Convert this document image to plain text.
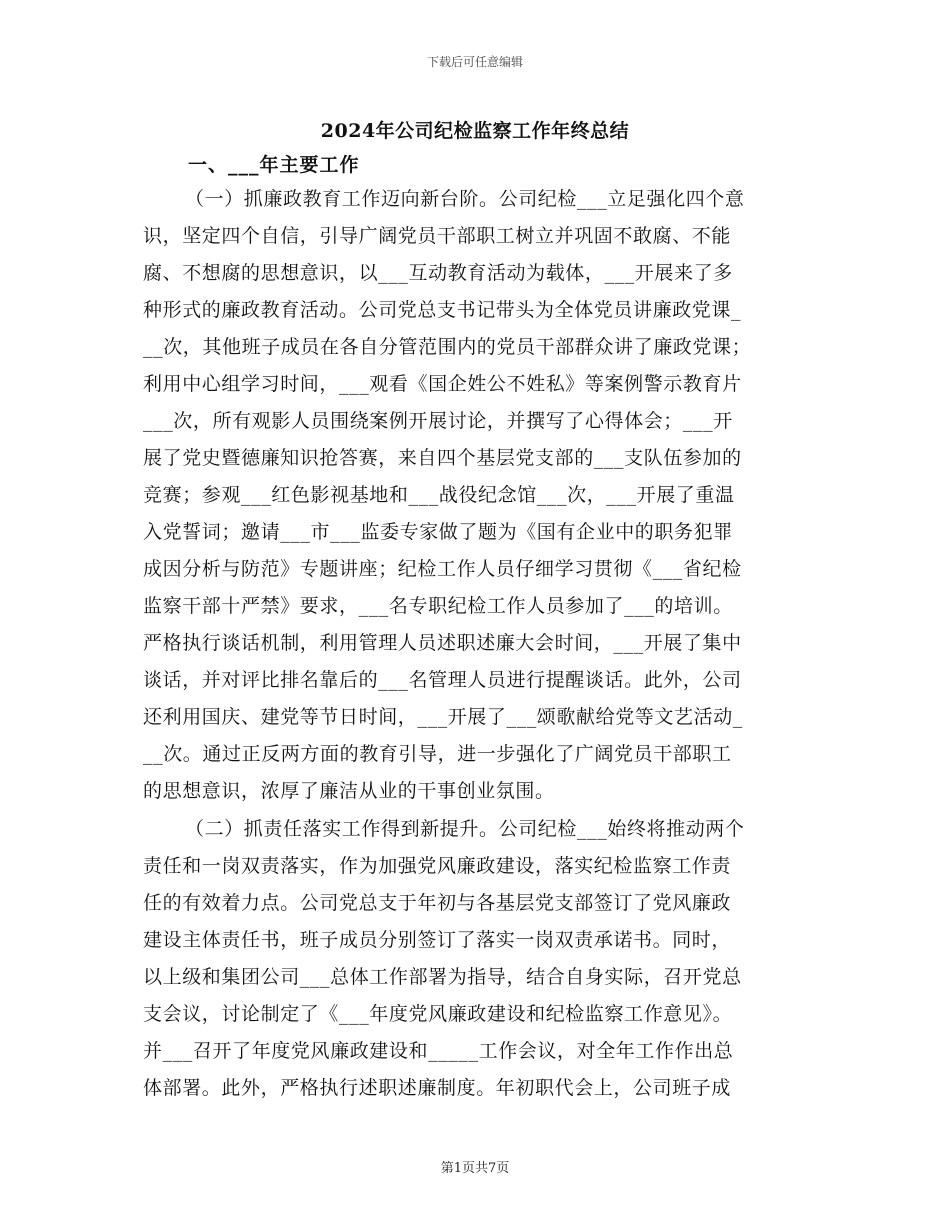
下载后可任意编辑
2024年公司纪检监察工作年终总结
一、___年主要工作
（一）抓廉政教育工作迈向新台阶。公司纪检___立足强化四个意
识，坚定四个自信，引导广阔党员干部职工树立并巩固不敢腐、不能
腐、不想腐的思想意识，以___互动教育活动为载体，___开展来了多
种形式的廉政教育活动。公司党总支书记带头为全体党员讲廉政党课_
__次，其他班子成员在各自分管范围内的党员干部群众讲了廉政党课；
利用中心组学习时间，___观看《国企姓公不姓私》等案例警示教育片
___次，所有观影人员围绕案例开展讨论，并撰写了心得体会；___开
展了党史暨德廉知识抢答赛，来自四个基层党支部的___支队伍参加的
竞赛；参观___红色影视基地和___战役纪念馆___次，___开展了重温
入党誓词；邀请___市___监委专家做了题为《国有企业中的职务犯罪
成因分析与防范》专题讲座；纪检工作人员仔细学习贯彻《___省纪检
监察干部十严禁》要求，___名专职纪检工作人员参加了___的培训。
严格执行谈话机制，利用管理人员述职述廉大会时间，___开展了集中
谈话，并对评比排名靠后的___名管理人员进行提醒谈话。此外，公司
还利用国庆、建党等节日时间，___开展了___颂歌献给党等文艺活动_
__次。通过正反两方面的教育引导，进一步强化了广阔党员干部职工
的思想意识，浓厚了廉洁从业的干事创业氛围。
（二）抓责任落实工作得到新提升。公司纪检___始终将推动两个
责任和一岗双责落实，作为加强党风廉政建设，落实纪检监察工作责
任的有效着力点。公司党总支于年初与各基层党支部签订了党风廉政
建设主体责任书，班子成员分别签订了落实一岗双责承诺书。同时，
以上级和集团公司___总体工作部署为指导，结合自身实际，召开党总
支会议，讨论制定了《___年度党风廉政建设和纪检监察工作意见》。
并___召开了年度党风廉政建设和_____工作会议，对全年工作作出总
体部署。此外，严格执行述职述廉制度。年初职代会上，公司班子成
第1页共7页
